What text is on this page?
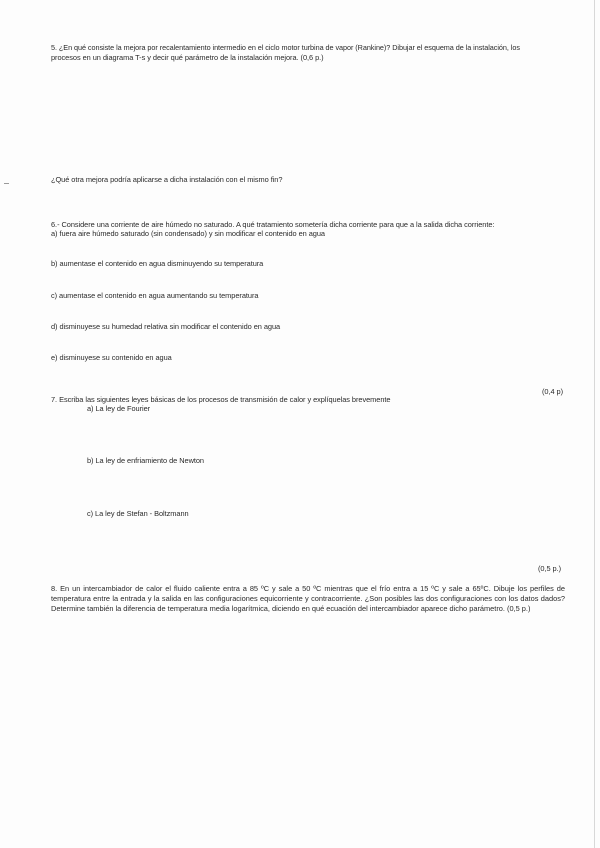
5. ¿En qué consiste la mejora por recalentamiento intermedio en el ciclo motor turbina de vapor (Rankine)? Dibujar el esquema de la instalación, los
procesos en un diagrama T-s y decir qué parámetro de la instalación mejora. (0,6 p.)
¿Qué otra mejora podría aplicarse a dicha instalación con el mismo fin?
6.- Considere una corriente de aire húmedo no saturado. A qué tratamiento sometería dicha corriente para que a la salida dicha corriente:
a) fuera aire húmedo saturado (sin condensado) y sin modificar el contenido en agua
b) aumentase el contenido en agua disminuyendo su temperatura
c) aumentase el contenido en agua aumentando su temperatura
d) disminuyese su humedad relativa sin modificar el contenido en agua
e) disminuyese su contenido en agua
(0,4 p)
7. Escriba las siguientes leyes básicas de los procesos de transmisión de calor y explíquelas brevemente
a) La ley de Fourier
b) La ley de enfriamiento de Newton
c) La ley de Stefan - Boltzmann
(0,5 p.)
8. En un intercambiador de calor el fluido caliente entra a 85 ºC y sale a 50 ºC mientras que el frío entra a 15 ºC y sale a 65ºC. Dibuje los perfiles de temperatura entre la entrada y la salida en las configuraciones equicorriente y contracorriente. ¿Son posibles las dos configuraciones con los datos dados? Determine también la diferencia de temperatura media logarítmica, diciendo en qué ecuación del intercambiador aparece dicho parámetro. (0,5 p.)
